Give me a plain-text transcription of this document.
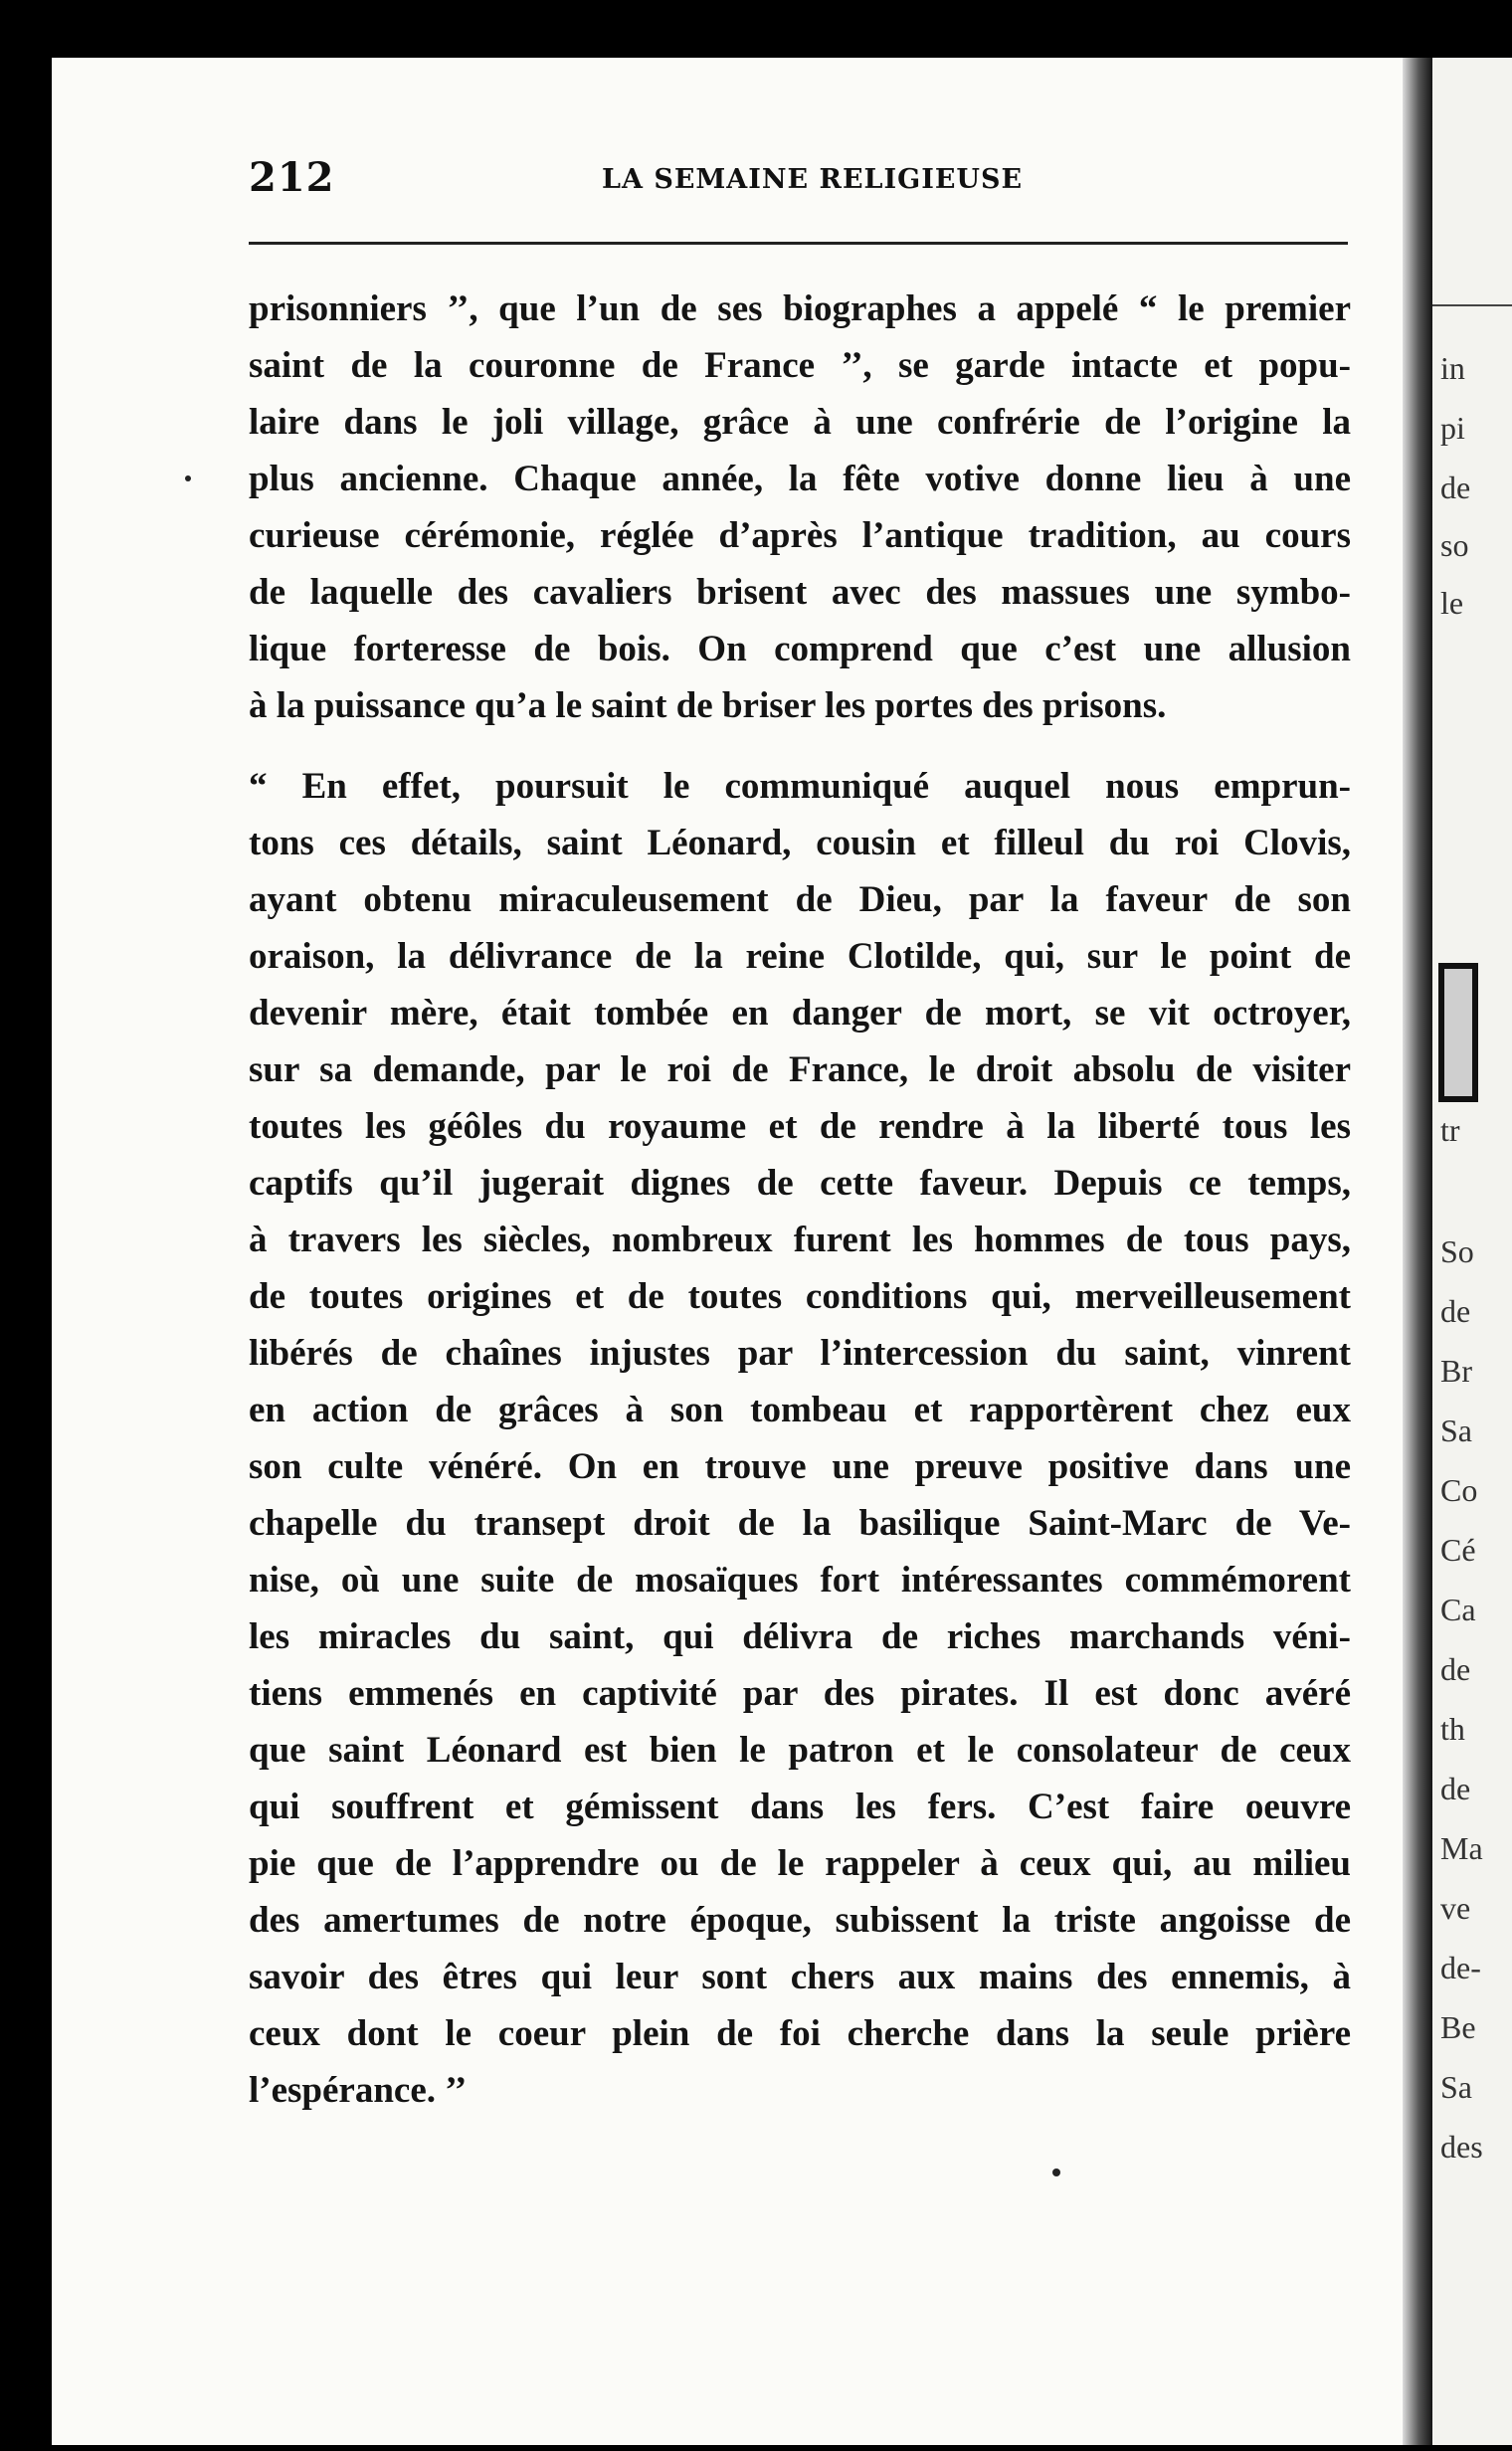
212	LA SEMAINE RELIGIEUSE
prisonniers ’’, que l’un de ses biographes a appelé “ le premier
saint de la couronne de France ’’, se garde intacte et popu-
laire dans le joli village, grâce à une confrérie de l’origine la
plus ancienne. Chaque année, la fête votive donne lieu à une
curieuse cérémonie, réglée d’après l’antique tradition, au cours
de laquelle des cavaliers brisent avec des massues une symbo-
lique forteresse de bois. On comprend que c’est une allusion
à la puissance qu’a le saint de briser les portes des prisons.
“ En effet, poursuit le communiqué auquel nous emprun-
tons ces détails, saint Léonard, cousin et filleul du roi Clovis,
ayant obtenu miraculeusement de Dieu, par la faveur de son
oraison, la délivrance de la reine Clotilde, qui, sur le point de
devenir mère, était tombée en danger de mort, se vit octroyer,
sur sa demande, par le roi de France, le droit absolu de visiter
toutes les géôles du royaume et de rendre à la liberté tous les
captifs qu’il jugerait dignes de cette faveur. Depuis ce temps,
à travers les siècles, nombreux furent les hommes de tous pays,
de toutes origines et de toutes conditions qui, merveilleusement
libérés de chaînes injustes par l’intercession du saint, vinrent
en action de grâces à son tombeau et rapportèrent chez eux
son culte vénéré. On en trouve une preuve positive dans une
chapelle du transept droit de la basilique Saint-Marc de Ve-
nise, où une suite de mosaïques fort intéressantes commémorent
les miracles du saint, qui délivra de riches marchands véni-
tiens emmenés en captivité par des pirates. Il est donc avéré
que saint Léonard est bien le patron et le consolateur de ceux
qui souffrent et gémissent dans les fers. C’est faire oeuvre
pie que de l’apprendre ou de le rappeler à ceux qui, au milieu
des amertumes de notre époque, subissent la triste angoisse de
savoir des êtres qui leur sont chers aux mains des ennemis, à
ceux dont le coeur plein de foi cherche dans la seule prière
l’espérance. ’’
in
pi
de
so
le
tr
So
de
Br
Sa
Co
Cé
Ca
de
th
de
Ma
ve
de-
Be
Sa
des
